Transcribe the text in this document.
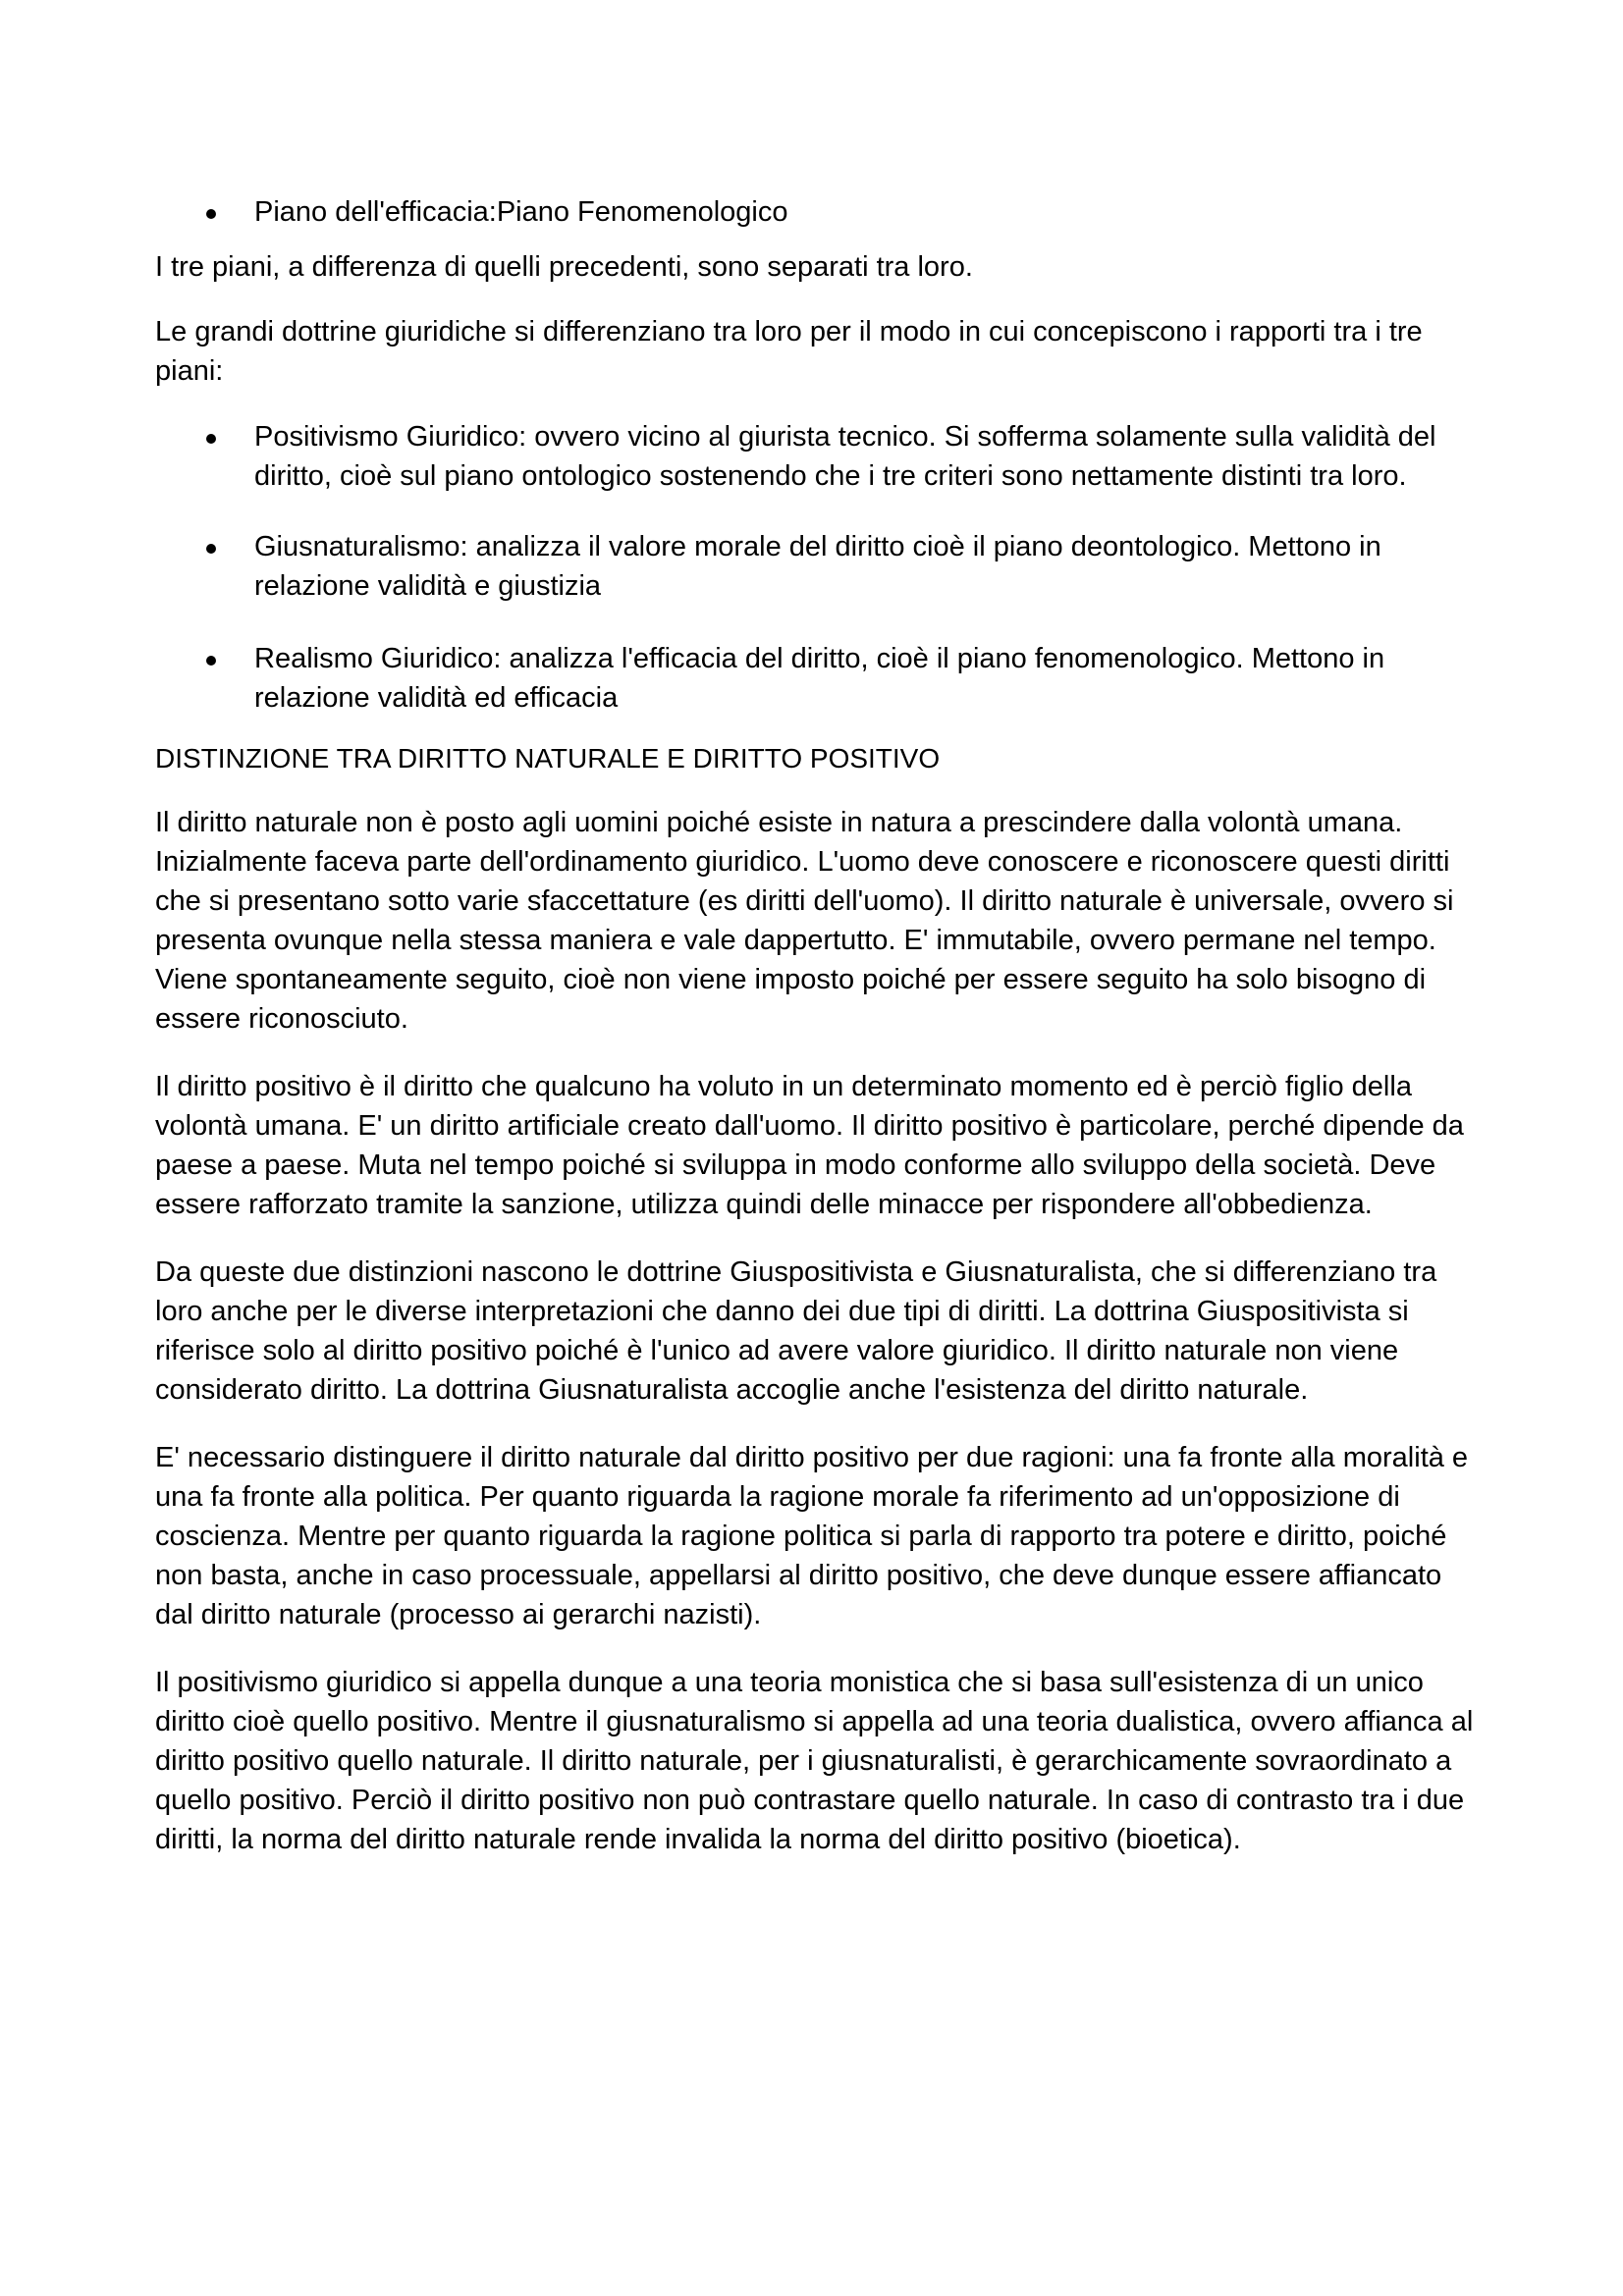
Piano dell'efficacia:Piano Fenomenologico

I tre piani, a differenza di quelli precedenti, sono separati tra loro.

Le grandi dottrine giuridiche si differenziano tra loro per il modo in cui concepiscono i rapporti tra i tre piani:

Positivismo Giuridico: ovvero vicino al giurista tecnico. Si sofferma solamente sulla validità del diritto, cioè sul piano ontologico sostenendo che i tre criteri sono nettamente distinti tra loro.
Giusnaturalismo: analizza il valore morale del diritto cioè il piano deontologico. Mettono in relazione validità e giustizia
Realismo Giuridico: analizza l'efficacia del diritto, cioè il piano fenomenologico. Mettono in relazione validità ed efficacia

DISTINZIONE TRA DIRITTO NATURALE E DIRITTO POSITIVO

Il diritto naturale non è posto agli uomini poiché esiste in natura a prescindere dalla volontà umana. Inizialmente faceva parte dell'ordinamento giuridico. L'uomo deve conoscere e riconoscere questi diritti che si presentano sotto varie sfaccettature (es diritti dell'uomo). Il diritto naturale è universale, ovvero si presenta ovunque nella stessa maniera e vale dappertutto. E' immutabile, ovvero permane nel tempo. Viene spontaneamente seguito, cioè non viene imposto poiché per essere seguito ha solo bisogno di essere riconosciuto.

Il diritto positivo è il diritto che qualcuno ha voluto in un determinato momento ed è perciò figlio della volontà umana. E' un diritto artificiale creato dall'uomo. Il diritto positivo è particolare, perché dipende da paese a paese. Muta nel tempo poiché si sviluppa in modo conforme allo sviluppo della società. Deve essere rafforzato tramite la sanzione, utilizza quindi delle minacce per rispondere all'obbedienza.

Da queste due distinzioni nascono le dottrine Giuspositivista e Giusnaturalista, che si differenziano tra loro anche per le diverse interpretazioni che danno dei due tipi di diritti. La dottrina Giuspositivista si riferisce solo al diritto positivo poiché è l'unico ad avere valore giuridico. Il diritto naturale non viene considerato diritto. La dottrina Giusnaturalista accoglie anche l'esistenza del diritto naturale.

E' necessario distinguere il diritto naturale dal diritto positivo per due ragioni: una fa fronte alla moralità e una fa fronte alla politica. Per quanto riguarda la ragione morale fa riferimento ad un'opposizione di coscienza. Mentre per quanto riguarda la ragione politica si parla di rapporto tra potere e diritto, poiché non basta, anche in caso processuale, appellarsi al diritto positivo, che deve dunque essere affiancato dal diritto naturale (processo ai gerarchi nazisti).

Il positivismo giuridico si appella dunque a una teoria monistica che si basa sull'esistenza di un unico diritto cioè quello positivo. Mentre il giusnaturalismo si appella ad una teoria dualistica, ovvero affianca al diritto positivo quello naturale. Il diritto naturale, per i giusnaturalisti, è gerarchicamente sovraordinato a quello positivo. Perciò il diritto positivo non può contrastare quello naturale. In caso di contrasto tra i due diritti, la norma del diritto naturale rende invalida la norma del diritto positivo (bioetica).
